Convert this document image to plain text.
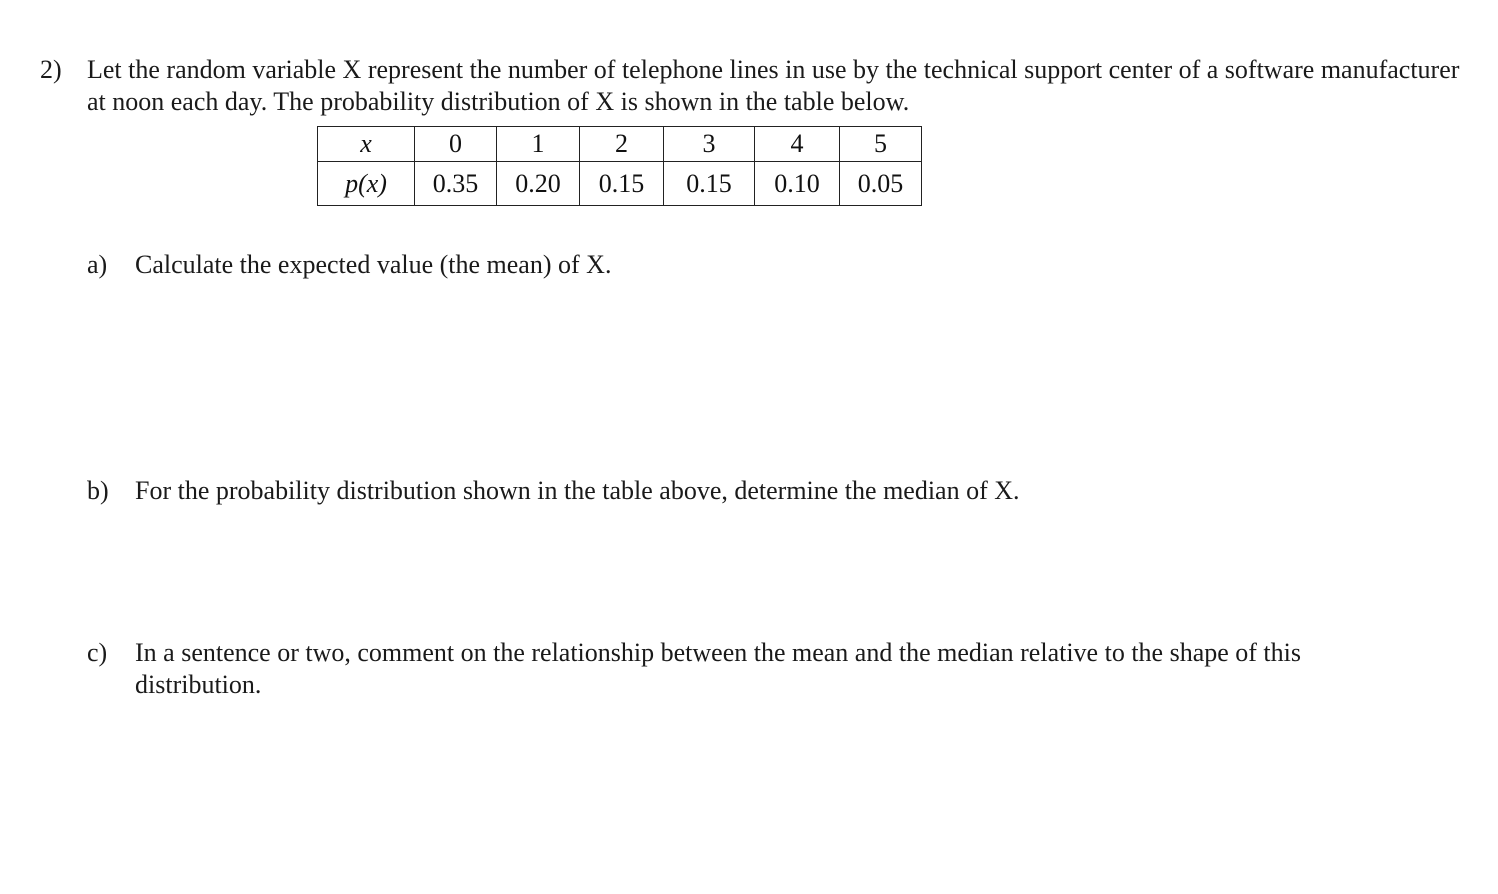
2) Let the random variable X represent the number of telephone lines in use by the technical support center of a software manufacturer at noon each day. The probability distribution of X is shown in the table below.
x	0	1	2	3	4	5
p(x)	0.35	0.20	0.15	0.15	0.10	0.05
a) Calculate the expected value (the mean) of X.
b) For the probability distribution shown in the table above, determine the median of X.
c) In a sentence or two, comment on the relationship between the mean and the median relative to the shape of this distribution.
